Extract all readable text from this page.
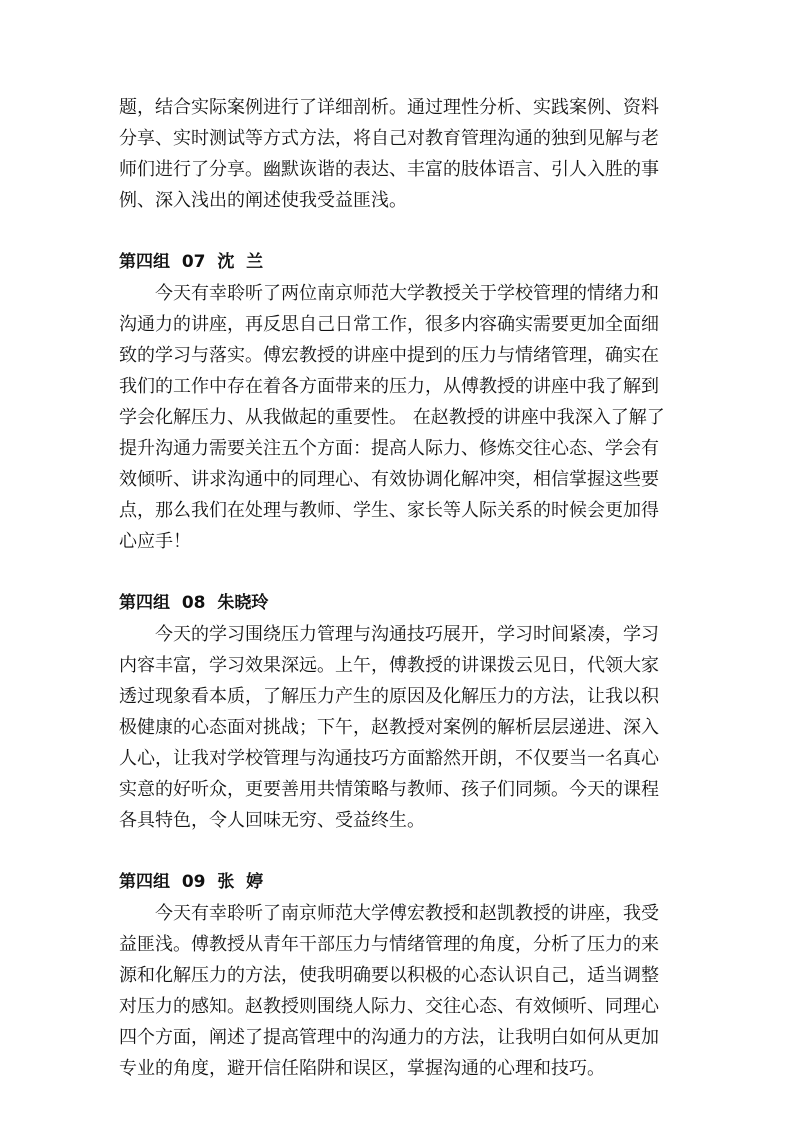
题，结合实际案例进行了详细剖析。通过理性分析、实践案例、资料分享、实时测试等方式方法，将自己对教育管理沟通的独到见解与老师们进行了分享。幽默诙谐的表达、丰富的肢体语言、引人入胜的事例、深入浅出的阐述使我受益匪浅。

第四组  07  沈  兰

今天有幸聆听了两位南京师范大学教授关于学校管理的情绪力和沟通力的讲座，再反思自己日常工作，很多内容确实需要更加全面细致的学习与落实。傅宏教授的讲座中提到的压力与情绪管理，确实在我们的工作中存在着各方面带来的压力，从傅教授的讲座中我了解到学会化解压力、从我做起的重要性。 在赵教授的讲座中我深入了解了提升沟通力需要关注五个方面：提高人际力、修炼交往心态、学会有效倾听、讲求沟通中的同理心、有效协调化解冲突，相信掌握这些要点，那么我们在处理与教师、学生、家长等人际关系的时候会更加得心应手！

第四组  08  朱晓玲

今天的学习围绕压力管理与沟通技巧展开，学习时间紧凑，学习内容丰富，学习效果深远。上午，傅教授的讲课拨云见日，代领大家透过现象看本质，了解压力产生的原因及化解压力的方法，让我以积极健康的心态面对挑战；下午，赵教授对案例的解析层层递进、深入人心，让我对学校管理与沟通技巧方面豁然开朗，不仅要当一名真心实意的好听众，更要善用共情策略与教师、孩子们同频。今天的课程各具特色，令人回味无穷、受益终生。

第四组  09  张  婷

今天有幸聆听了南京师范大学傅宏教授和赵凯教授的讲座，我受益匪浅。傅教授从青年干部压力与情绪管理的角度，分析了压力的来源和化解压力的方法，使我明确要以积极的心态认识自己，适当调整对压力的感知。赵教授则围绕人际力、交往心态、有效倾听、同理心四个方面，阐述了提高管理中的沟通力的方法，让我明白如何从更加专业的角度，避开信任陷阱和误区，掌握沟通的心理和技巧。
